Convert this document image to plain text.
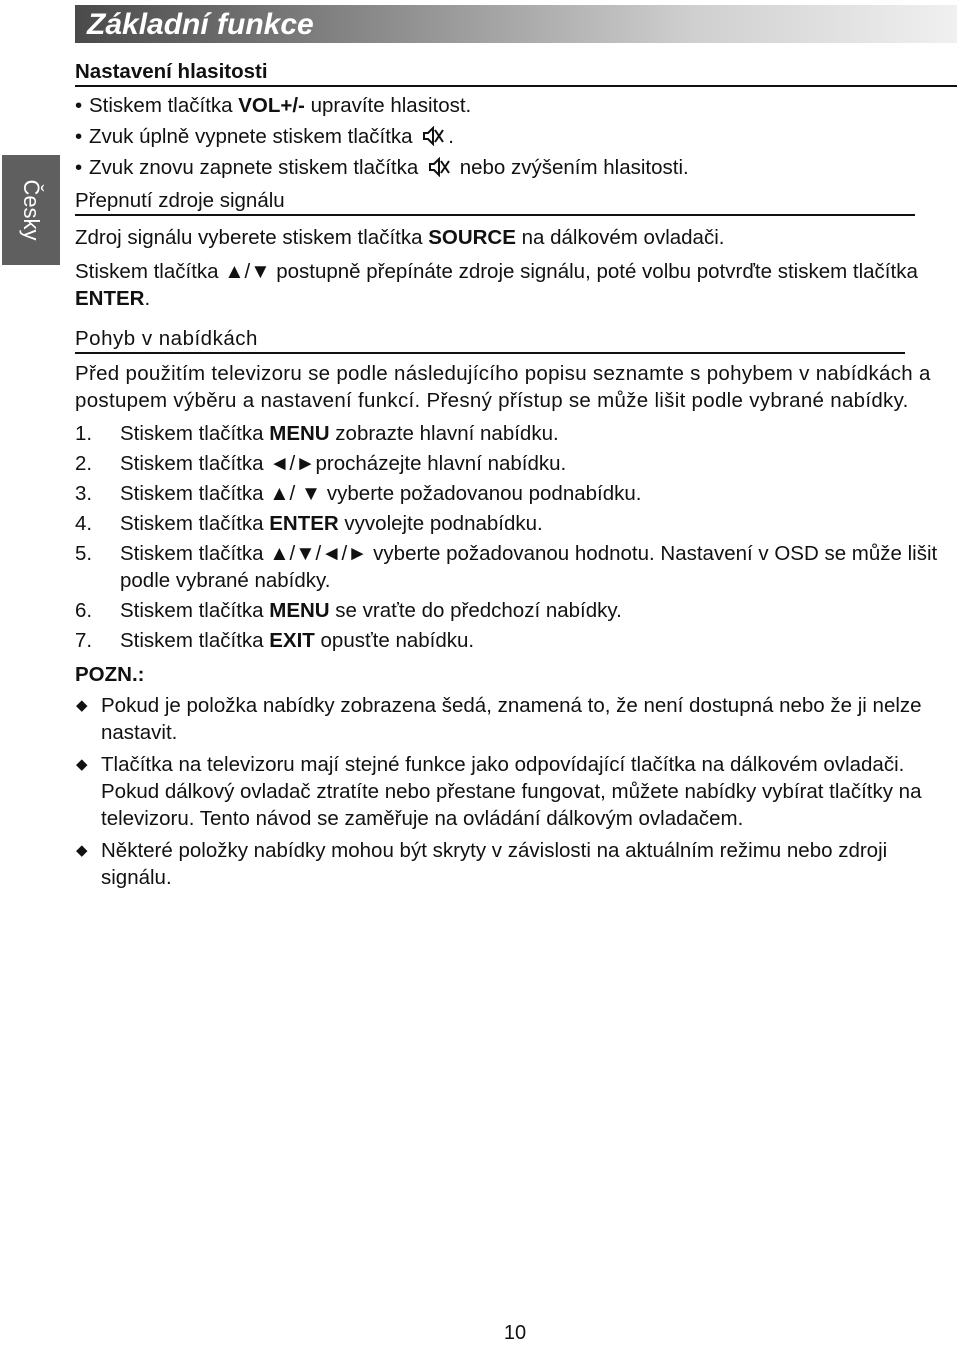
Česky
Základní funkce
Nastavení hlasitosti
• Stiskem tlačítka VOL+/- upravíte hlasitost.
• Zvuk úplně vypnete stiskem tlačítka .
• Zvuk znovu zapnete stiskem tlačítka nebo zvýšením hlasitosti.
Přepnutí zdroje signálu

Zdroj signálu vyberete stiskem tlačítka SOURCE na dálkovém ovladači.

Stiskem tlačítka ▲/▼ postupně přepínáte zdroje signálu, poté volbu potvrďte stiskem tlačítka ENTER.

Pohyb v nabídkách

Před použitím televizoru se podle následujícího popisu seznamte s pohybem v nabídkách a postupem výběru a nastavení funkcí. Přesný přístup se může lišit podle vybrané nabídky.

1.	Stiskem tlačítka MENU zobrazte hlavní nabídku.
2.	Stiskem tlačítka ◄/►procházejte hlavní nabídku.
3.	Stiskem tlačítka ▲/ ▼ vyberte požadovanou podnabídku.
4.	Stiskem tlačítka ENTER vyvolejte podnabídku.
5.	Stiskem tlačítka ▲/▼/◄/► vyberte požadovanou hodnotu. Nastavení v OSD se může lišit podle vybrané nabídky.
6.	Stiskem tlačítka MENU se vraťte do předchozí nabídky.
7.	Stiskem tlačítka EXIT opusťte nabídku.
POZN.:
◆ Pokud je položka nabídky zobrazena šedá, znamená to, že není dostupná nebo že ji nelze nastavit.
◆ Tlačítka na televizoru mají stejné funkce jako odpovídající tlačítka na dálkovém ovladači. Pokud dálkový ovladač ztratíte nebo přestane fungovat, můžete nabídky vybírat tlačítky na televizoru. Tento návod se zaměřuje na ovládání dálkovým ovladačem.
◆ Některé položky nabídky mohou být skryty v závislosti na aktuálním režimu nebo zdroji signálu.
10
